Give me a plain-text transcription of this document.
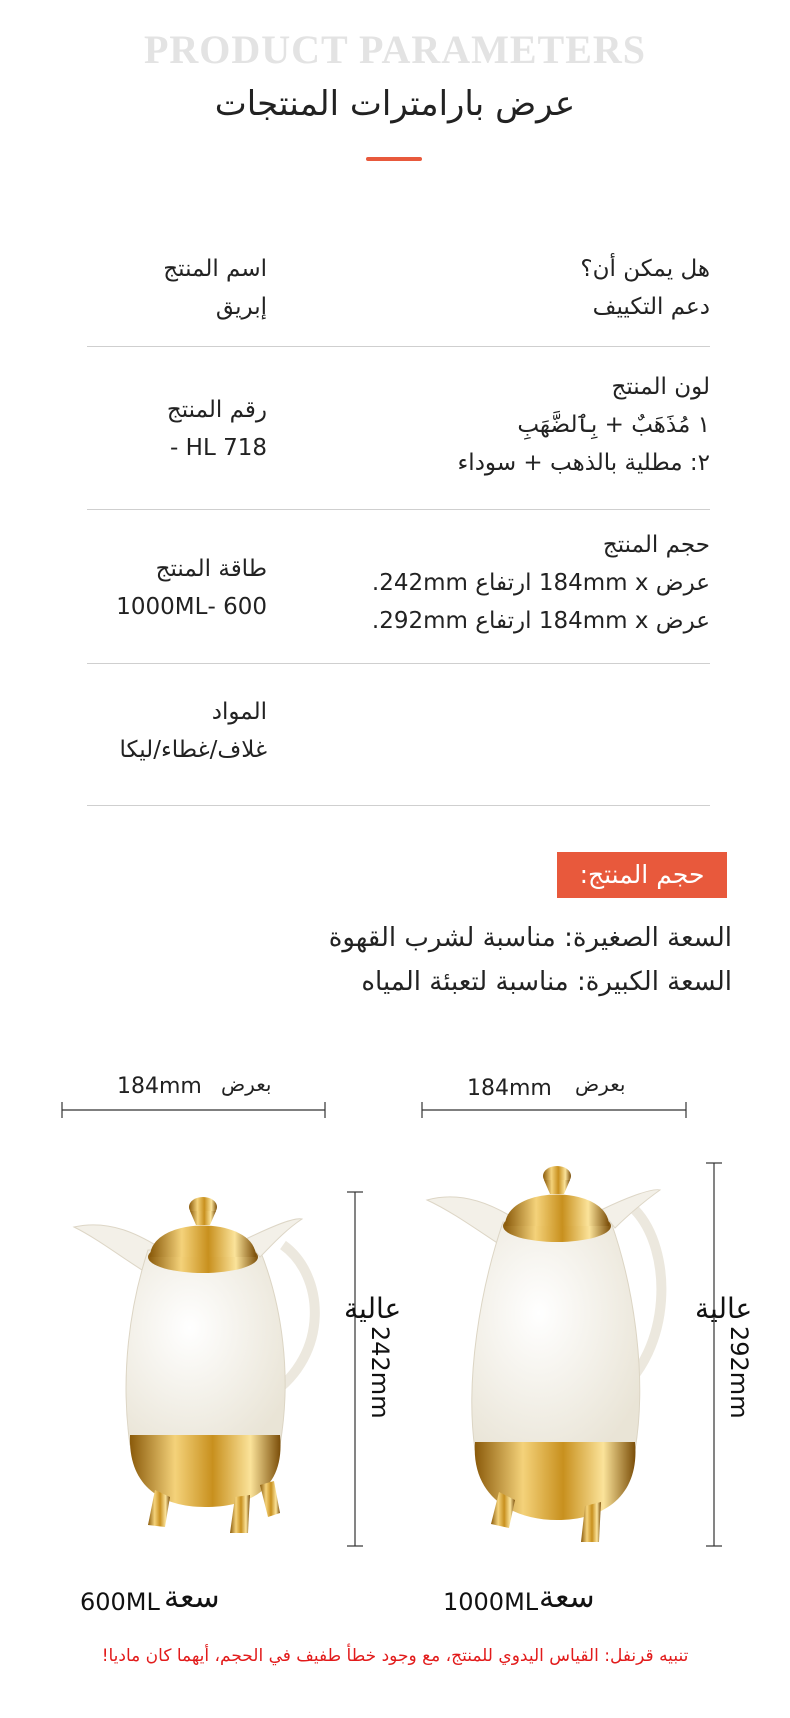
PRODUCT PARAMETERS
عرض بارامترات المنتجات
اسم المنتج
إبريق
هل يمكن أن؟
دعم التكييف
رقم المنتج
HL 718 -
لون المنتج
١ مُذَهَبٌ + بِٱلضَّهَبِ
٢: مطلية بالذهب + سوداء
طاقة المنتج
600 -1000ML
حجم المنتج
عرض 184mm x ارتفاع 242mm.
عرض 184mm x ارتفاع 292mm.
المواد
غلاف/غطاء/ليكا
حجم المنتج:
السعة الصغيرة: مناسبة لشرب القهوة
السعة الكبيرة: مناسبة لتعبئة المياه
184mm بعرض	184mm بعرض
عالية
242mm
عالية
292mm
600ML سعة	1000ML سعة
تنبيه قرنفل: القياس اليدوي للمنتج، مع وجود خطأ طفيف في الحجم، أيهما كان ماديا!
